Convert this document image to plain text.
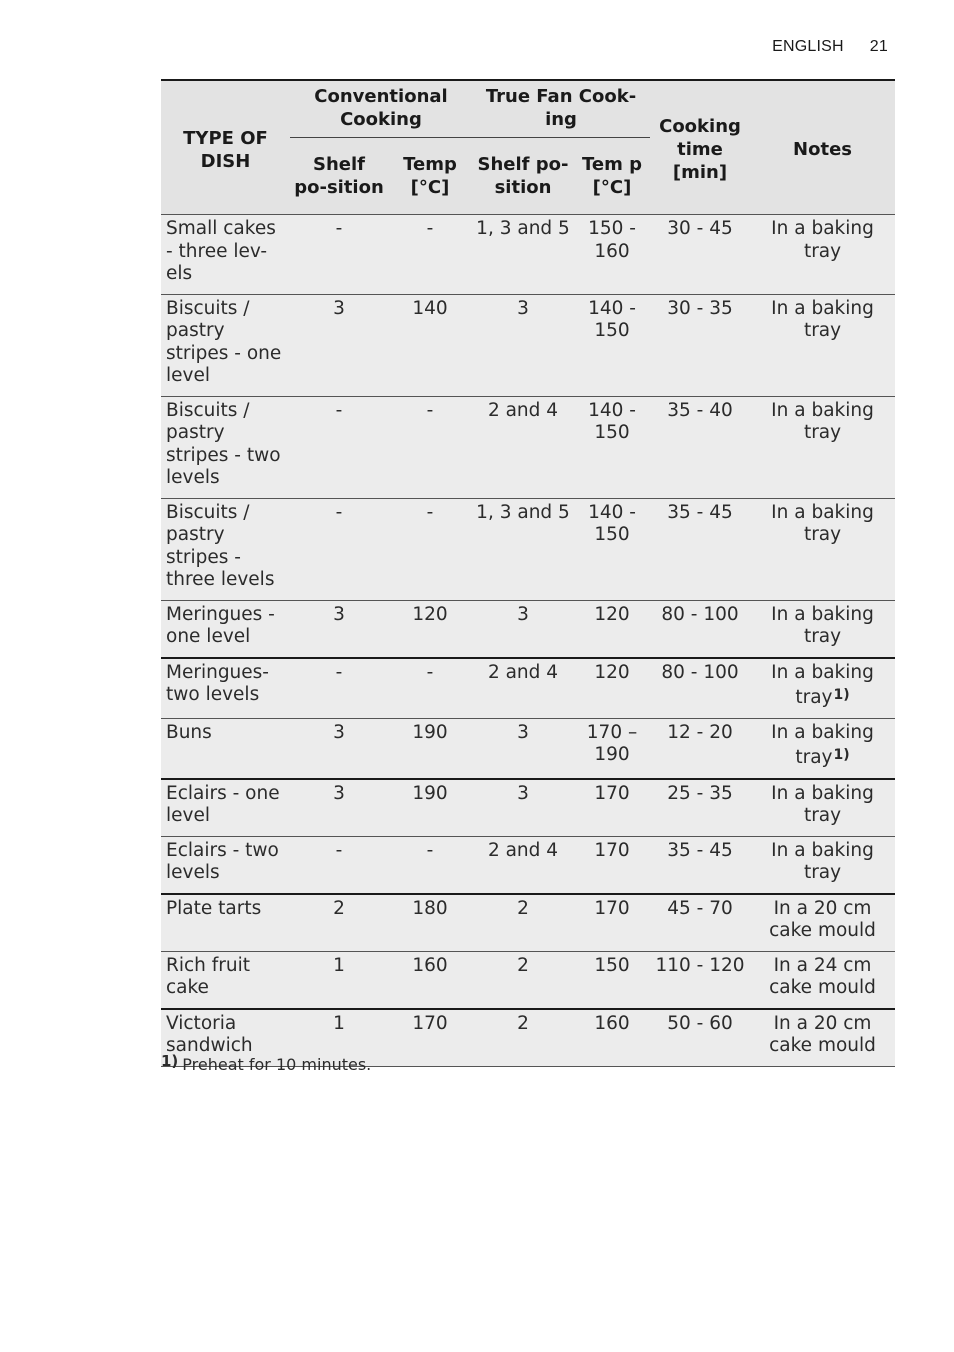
ENGLISH 21
TYPE OF DISH	Conventional Cooking		True Fan Cook-ing		Cooking time [min]	Notes
	Shelf po-sition	Temp [°C]	Shelf po-sition	Tem p [°C]		
Small cakes - three lev-els	-	-	1, 3 and 5	150 - 160	30 - 45	In a baking tray
Biscuits / pastry stripes - one level	3	140	3	140 - 150	30 - 35	In a baking tray
Biscuits / pastry stripes - two levels	-	-	2 and 4	140 - 150	35 - 40	In a baking tray
Biscuits / pastry stripes - three levels	-	-	1, 3 and 5	140 - 150	35 - 45	In a baking tray
Meringues - one level	3	120	3	120	80 - 100	In a baking tray
Meringues- two levels	-	-	2 and 4	120	80 - 100	In a baking tray$^{1)}$
Buns	3	190	3	170 – 190	12 - 20	In a baking tray$^{1)}$
Eclairs - one level	3	190	3	170	25 - 35	In a baking tray
Eclairs - two levels	-	-	2 and 4	170	35 - 45	In a baking tray
Plate tarts	2	180	2	170	45 - 70	In a 20 cm cake mould
Rich fruit cake	1	160	2	150	110 - 120	In a 24 cm cake mould
Victoria sandwich	1	170	2	160	50 - 60	In a 20 cm cake mould
1) Preheat for 10 minutes.
